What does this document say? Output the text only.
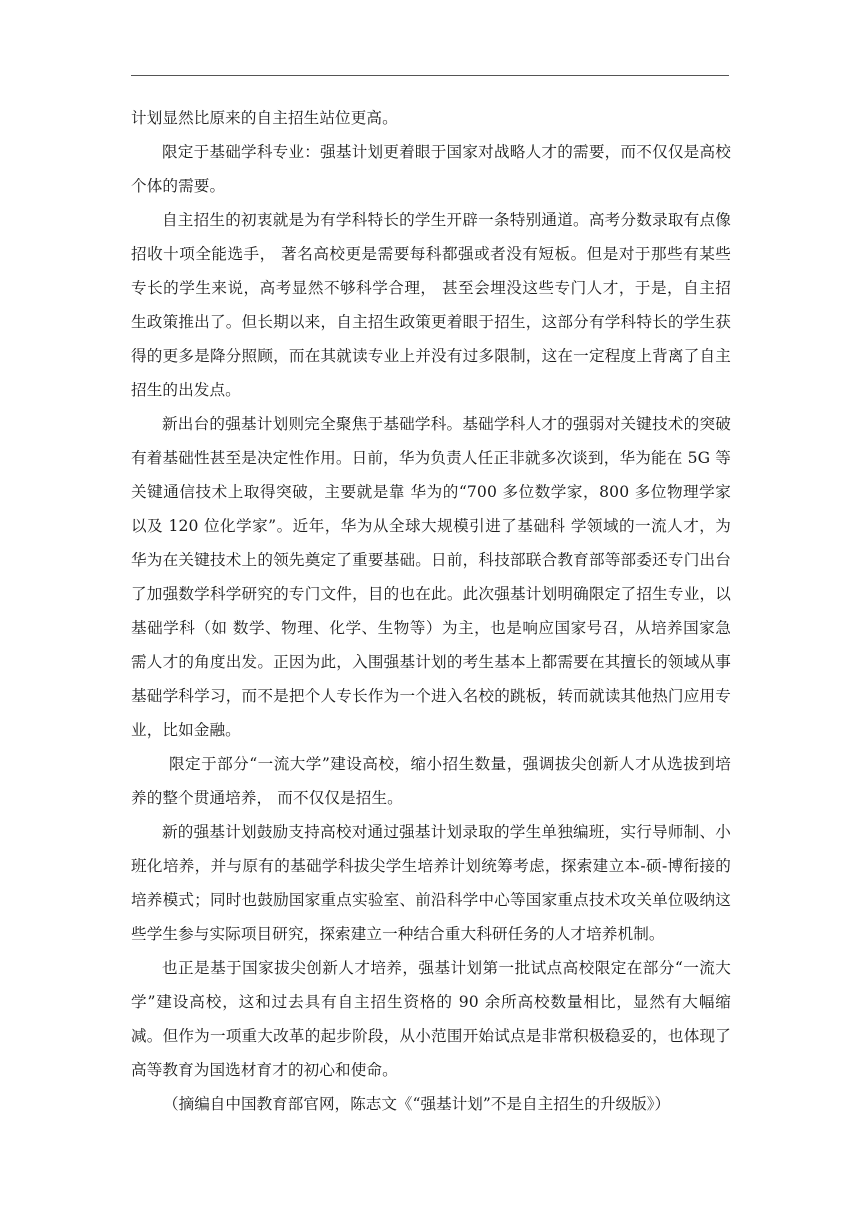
计划显然比原来的自主招生站位更高。

限定于基础学科专业：强基计划更着眼于国家对战略人才的需要，而不仅仅是高校个体的需要。

自主招生的初衷就是为有学科特长的学生开辟一条特别通道。高考分数录取有点像招收十项全能选手， 著名高校更是需要每科都强或者没有短板。但是对于那些有某些专长的学生来说，高考显然不够科学合理， 甚至会埋没这些专门人才，于是，自主招生政策推出了。但长期以来，自主招生政策更着眼于招生，这部分有学科特长的学生获得的更多是降分照顾，而在其就读专业上并没有过多限制，这在一定程度上背离了自主招生的出发点。

新出台的强基计划则完全聚焦于基础学科。基础学科人才的强弱对关键技术的突破有着基础性甚至是决定性作用。日前，华为负责人任正非就多次谈到，华为能在 5G 等关键通信技术上取得突破，主要就是靠 华为的“700 多位数学家，800 多位物理学家以及 120 位化学家”。近年，华为从全球大规模引进了基础科 学领域的一流人才，为华为在关键技术上的领先奠定了重要基础。日前，科技部联合教育部等部委还专门出台了加强数学科学研究的专门文件，目的也在此。此次强基计划明确限定了招生专业，以基础学科（如 数学、物理、化学、生物等）为主，也是响应国家号召，从培养国家急需人才的角度出发。正因为此，入围强基计划的考生基本上都需要在其擅长的领域从事基础学科学习，而不是把个人专长作为一个进入名校的跳板，转而就读其他热门应用专业，比如金融。

限定于部分“一流大学”建设高校，缩小招生数量，强调拔尖创新人才从选拔到培养的整个贯通培养， 而不仅仅是招生。

新的强基计划鼓励支持高校对通过强基计划录取的学生单独编班，实行导师制、小班化培养，并与原有的基础学科拔尖学生培养计划统筹考虑，探索建立本-硕-博衔接的培养模式；同时也鼓励国家重点实验室、前沿科学中心等国家重点技术攻关单位吸纳这些学生参与实际项目研究，探索建立一种结合重大科研任务的人才培养机制。

也正是基于国家拔尖创新人才培养，强基计划第一批试点高校限定在部分“一流大学”建设高校，这和过去具有自主招生资格的 90 余所高校数量相比，显然有大幅缩减。但作为一项重大改革的起步阶段，从小范围开始试点是非常积极稳妥的，也体现了高等教育为国选材育才的初心和使命。

（摘编自中国教育部官网，陈志文《“强基计划”不是自主招生的升级版》）
